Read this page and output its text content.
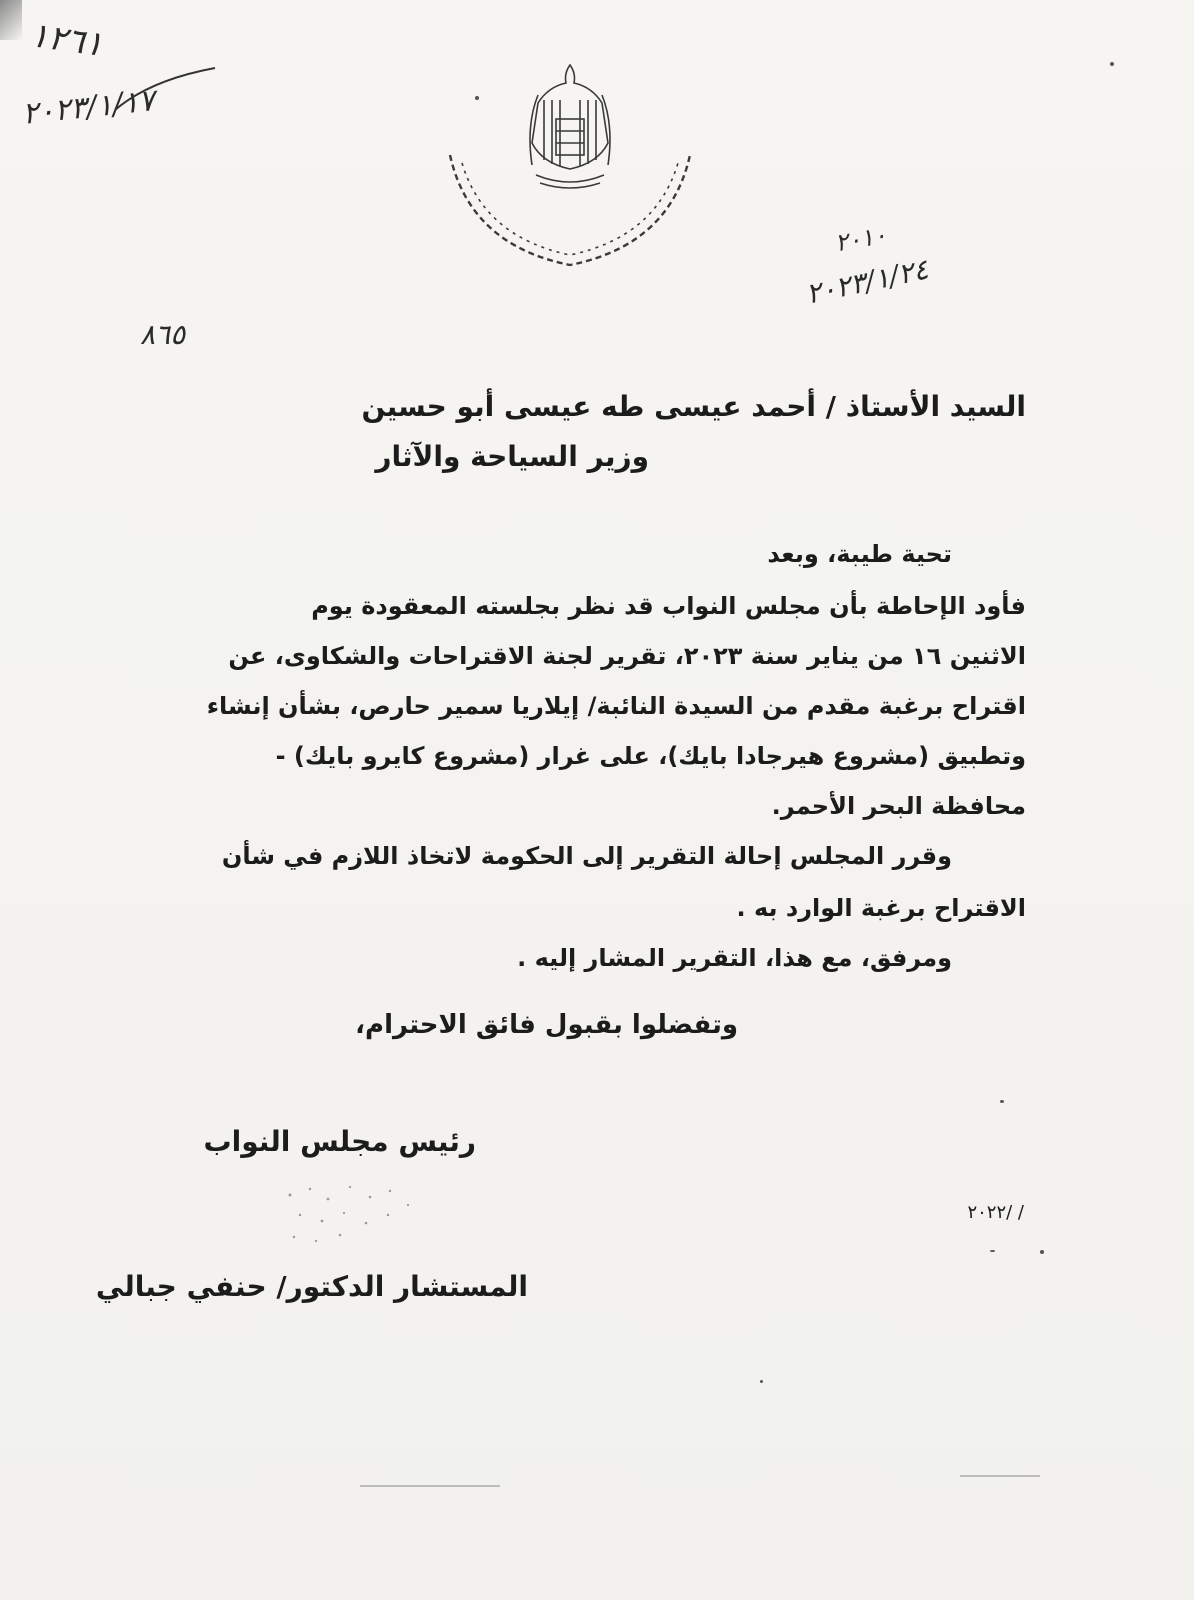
١٢٦١
٢٠٢٣/١/١٧
٢٠١٠
٢٠٢٣/١/٢٤
٨٦٥
السيد الأستاذ / أحمد عيسى طه عيسى أبو حسين
وزير السياحة والآثار
تحية طيبة، وبعد
فأود الإحاطة بأن مجلس النواب قد نظر بجلسته المعقودة يوم
الاثنين ١٦ من يناير سنة ٢٠٢٣، تقرير لجنة الاقتراحات والشكاوى، عن
اقتراح برغبة مقدم من السيدة النائبة/ إيلاريا سمير حارص، بشأن إنشاء
وتطبيق (مشروع هيرجادا بايك)، على غرار (مشروع كايرو بايك) -
محافظة البحر الأحمر.
وقرر المجلس إحالة التقرير إلى الحكومة لاتخاذ اللازم في شأن
الاقتراح برغبة الوارد به .
ومرفق، مع هذا، التقرير المشار إليه .
وتفضلوا بقبول فائق الاحترام،
رئيس مجلس النواب
/ /٢٠٢٢
المستشار الدكتور/ حنفي جبالي
